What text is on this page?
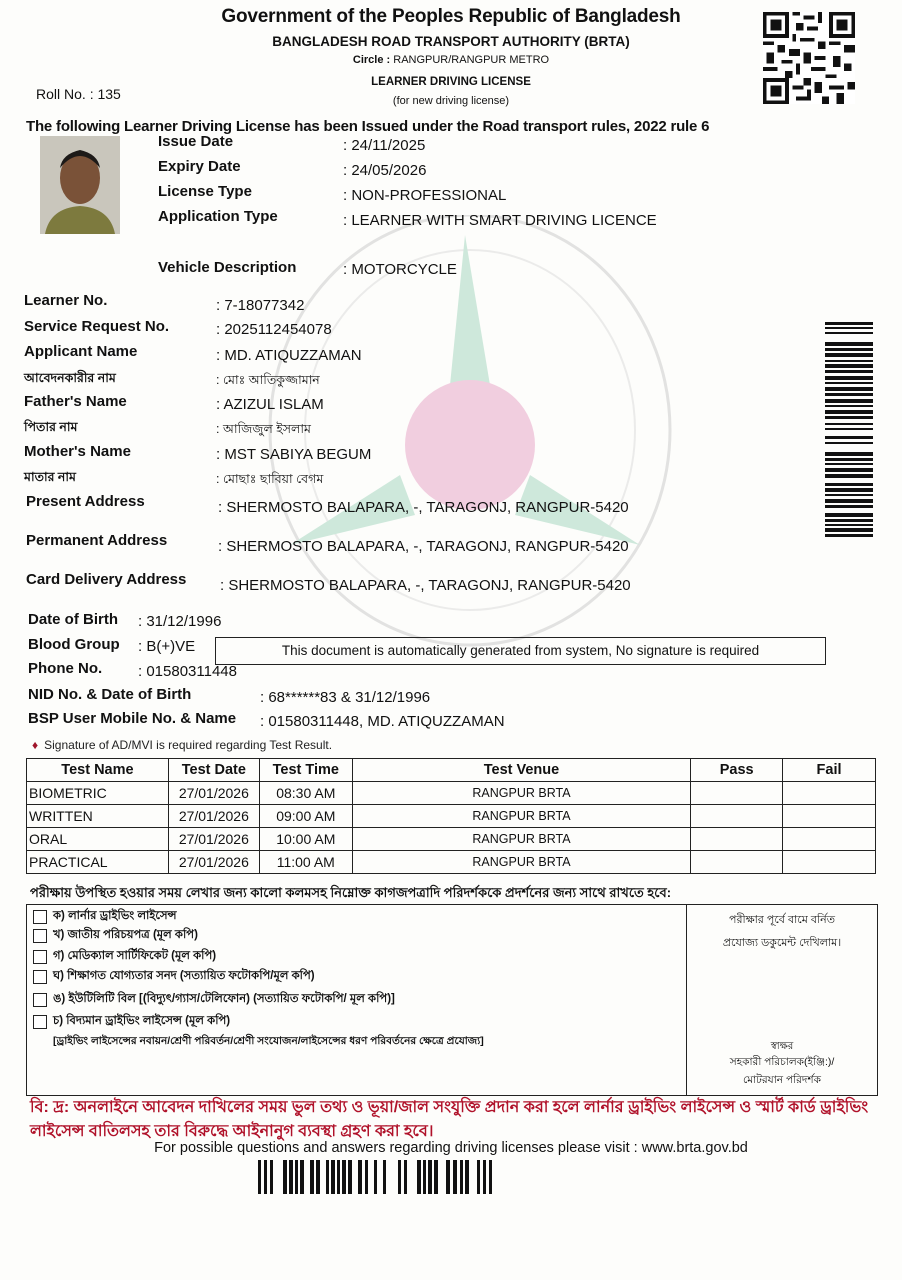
Government of the Peoples Republic of Bangladesh
BANGLADESH ROAD TRANSPORT AUTHORITY (BRTA)
Circle : RANGPUR/RANGPUR METRO
LEARNER DRIVING LICENSE
(for new driving license)
Roll No. : 135
The following Learner Driving License has been Issued under the Road transport rules, 2022 rule 6
Issue Date	: 24/11/2025
Expiry Date	: 24/05/2026
License Type	: NON-PROFESSIONAL
Application Type	: LEARNER WITH SMART DRIVING LICENCE
Vehicle Description	: MOTORCYCLE
Learner No.	: 7-18077342
Service Request No.	: 2025112454078
Applicant Name	: MD. ATIQUZZAMAN
আবেদনকারীর নাম	: মোঃ আতিকুজ্জামান
Father's Name	: AZIZUL ISLAM
পিতার নাম	: আজিজুল ইসলাম
Mother's Name	: MST SABIYA BEGUM
মাতার নাম	: মোছাঃ ছাবিয়া বেগম
Present Address	: SHERMOSTO BALAPARA, -, TARAGONJ, RANGPUR-5420
Permanent Address	: SHERMOSTO BALAPARA, -, TARAGONJ, RANGPUR-5420
Card Delivery Address : SHERMOSTO BALAPARA, -, TARAGONJ, RANGPUR-5420
Date of Birth : 31/12/1996
Blood Group : B(+)VE
Phone No. : 01580311448
NID No. & Date of Birth	: 68******83 & 31/12/1996
BSP User Mobile No. & Name : 01580311448, MD. ATIQUZZAMAN
This document is automatically generated from system, No signature is required
♦ Signature of AD/MVI is required regarding Test Result.
Test Name	Test Date	Test Time	Test Venue	Pass	Fail
BIOMETRIC	27/01/2026	08:30 AM	RANGPUR BRTA		
WRITTEN	27/01/2026	09:00 AM	RANGPUR BRTA		
ORAL	27/01/2026	10:00 AM	RANGPUR BRTA		
PRACTICAL	27/01/2026	11:00 AM	RANGPUR BRTA		
পরীক্ষায় উপস্থিত হওয়ার সময় লেখার জন্য কালো কলমসহ নিম্নোক্ত কাগজপত্রাদি পরিদর্শককে প্রদর্শনের জন্য সাথে রাখতে হবে:
ক) লার্নার ড্রাইভিং লাইসেন্স
খ) জাতীয় পরিচয়পত্র (মূল কপি)
গ) মেডিক্যাল সার্টিফিকেট (মূল কপি)
ঘ) শিক্ষাগত যোগ্যতার সনদ (সত্যায়িত ফটোকপি/মূল কপি)
ঙ) ইউটিলিটি বিল [(বিদ্যুৎ/গ্যাস/টেলিফোন) (সত্যায়িত ফটোকপি/ মূল কপি)]
চ) বিদ্যমান ড্রাইভিং লাইসেন্স (মূল কপি)
[ড্রাইভিং লাইসেন্সের নবায়ন/শ্রেণী পরিবর্তন/শ্রেণী সংযোজন/লাইসেন্সের ধরণ পরিবর্তনের ক্ষেত্রে প্রযোজ্য]
পরীক্ষার পূর্বে বামে বর্নিত
প্রযোজ্য ডকুমেন্ট দেখিলাম।
স্বাক্ষর
সহকারী পরিচালক(ইঞ্জি:)/
মোটরযান পরিদর্শক
বি: দ্র: অনলাইনে আবেদন দাখিলের সময় ভুল তথ্য ও ভূয়া/জাল সংযুক্তি প্রদান করা হলে লার্নার ড্রাইভিং লাইসেন্স ও স্মার্ট কার্ড ড্রাইভিং লাইসেন্স বাতিলসহ তার বিরুদ্ধে আইনানুগ ব্যবস্থা গ্রহণ করা হবে।
For possible questions and answers regarding driving licenses please visit : www.brta.gov.bd
